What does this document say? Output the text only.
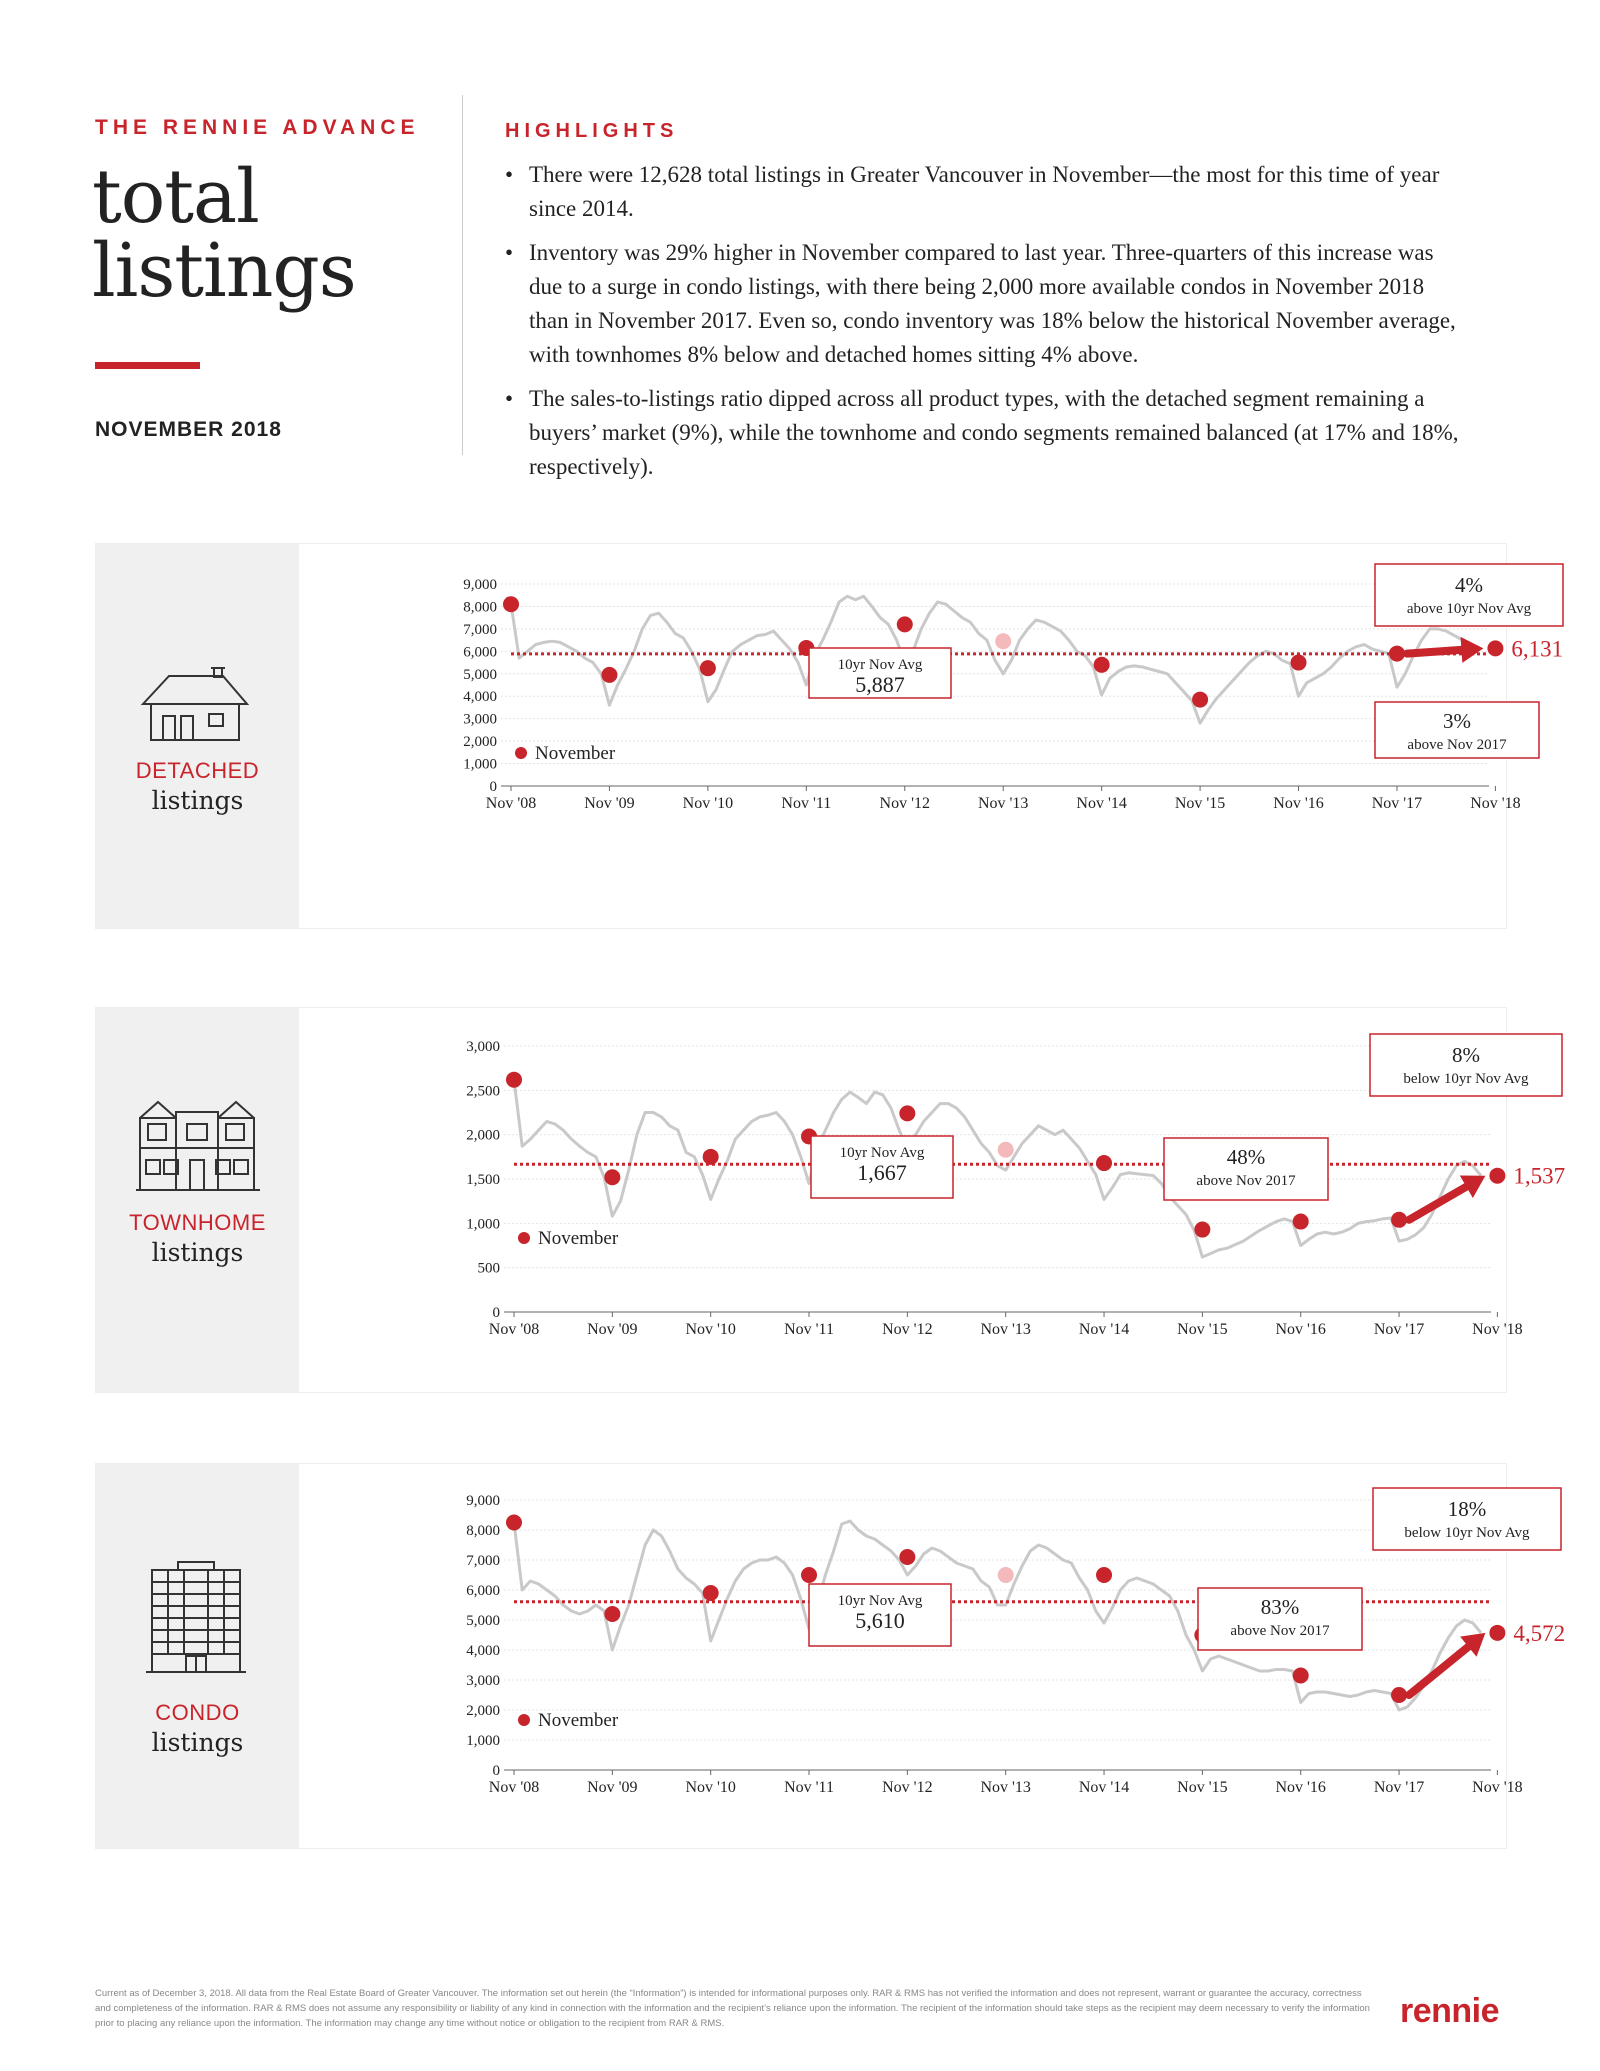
THE RENNIE ADVANCE
total
listings
NOVEMBER 2018
HIGHLIGHTS
• There were 12,628 total listings in Greater Vancouver in November—the most for this time of year since 2014.
• Inventory was 29% higher in November compared to last year. Three-quarters of this increase was due to a surge in condo listings, with there being 2,000 more available condos in November 2018 than in November 2017. Even so, condo inventory was 18% below the historical November average, with townhomes 8% below and detached homes sitting 4% above.
• The sales-to-listings ratio dipped across all product types, with the detached segment remaining a buyers’ market (9%), while the townhome and condo segments remained balanced (at 17% and 18%, respectively).
DETACHED
listings	0
1,000
2,000
3,000
4,000
5,000
6,000
7,000
8,000
9,000
Nov '08	Nov '09	Nov '10	Nov '11	Nov '12	Nov '13	Nov '14	Nov '15	Nov '16	Nov '17	Nov '18
6,131
November
10yr Nov Avg
5,887
4%
above 10yr Nov Avg
3%
above Nov 2017
TOWNHOME
listings
0
500
1,000
1,500
2,000
2,500
3,000
Nov '08	Nov '09	Nov '10	Nov '11	Nov '12	Nov '13	Nov '14	Nov '15	Nov '16	Nov '17	Nov '18
1,537
November
10yr Nov Avg
1,667
8%
below 10yr Nov Avg
48%
above Nov 2017
CONDO
listings
0
1,000
2,000
3,000
4,000
5,000
6,000
7,000
8,000
9,000
Nov '08	Nov '09	Nov '10	Nov '11	Nov '12	Nov '13	Nov '14	Nov '15	Nov '16	Nov '17	Nov '18
4,572
November
10yr Nov Avg
5,610
18%
below 10yr Nov Avg
83%
above Nov 2017
Current as of December 3, 2018. All data from the Real Estate Board of Greater Vancouver. The information set out herein (the “Information”) is intended for informational purposes only. RAR & RMS has not verified the information and does not represent, warrant or guarantee the accuracy, correctness and completeness of the information. RAR & RMS does not assume any responsibility or liability of any kind in connection with the information and the recipient’s reliance upon the information. The recipient of the information should take steps as the recipient may deem necessary to verify the information prior to placing any reliance upon the information. The information may change any time without notice or obligation to the recipient from RAR & RMS.	rennie
